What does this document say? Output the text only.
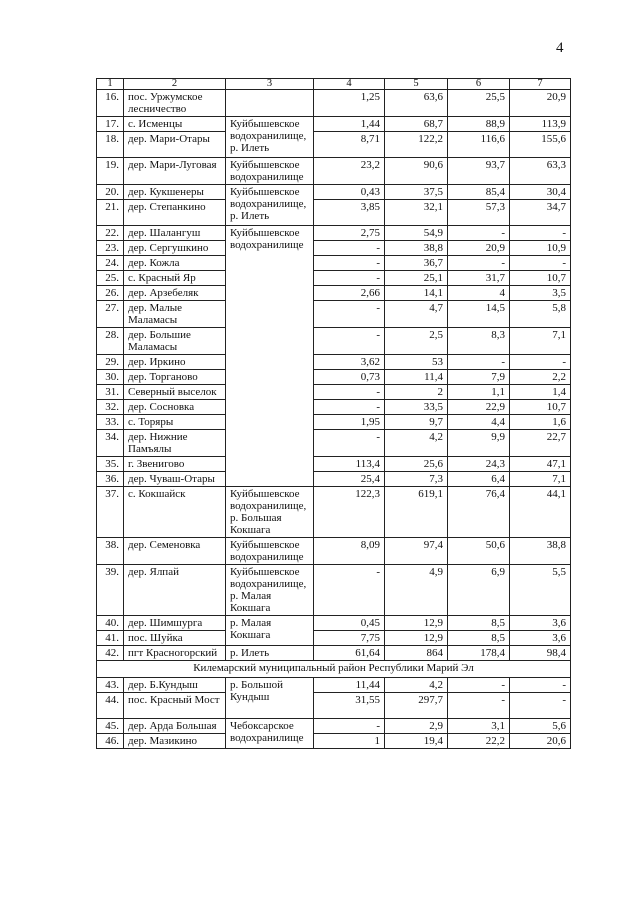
4
1	2	3	4	5	6	7
16.	пос. Уржумское лесничество		1,25	63,6	25,5	20,9
17.	с. Исменцы	Куйбышевское водохранилище, р. Илеть	1,44	68,7	88,9	113,9
18.	дер. Мари-Отары		8,71	122,2	116,6	155,6
19.	дер. Мари-Луговая	Куйбышевское водохранилище	23,2	90,6	93,7	63,3
20.	дер. Кукшенеры	Куйбышевское водохранилище, р. Илеть	0,43	37,5	85,4	30,4
21.	дер. Степанкино		3,85	32,1	57,3	34,7
22.	дер. Шалангуш	Куйбышевское водохранилище	2,75	54,9	-	-
23.	дер. Сергушкино		-	38,8	20,9	10,9
24.	дер. Кожла		-	36,7	-	-
25.	с. Красный Яр		-	25,1	31,7	10,7
26.	дер. Арзебеляк		2,66	14,1	4	3,5
27.	дер. Малые Маламасы		-	4,7	14,5	5,8
28.	дер. Большие Маламасы		-	2,5	8,3	7,1
29.	дер. Иркино		3,62	53	-	-
30.	дер. Торганово		0,73	11,4	7,9	2,2
31.	Северный выселок		-	2	1,1	1,4
32.	дер. Сосновка		-	33,5	22,9	10,7
33.	с. Торяры		1,95	9,7	4,4	1,6
34.	дер. Нижние Памъялы		-	4,2	9,9	22,7
35.	г. Звенигово		113,4	25,6	24,3	47,1
36.	дер. Чуваш-Отары		25,4	7,3	6,4	7,1
37.	с. Кокшайск	Куйбышевское водохранилище, р. Большая Кокшага	122,3	619,1	76,4	44,1
38.	дер. Семеновка	Куйбышевское водохранилище	8,09	97,4	50,6	38,8
39.	дер. Ялпай	Куйбышевское водохранилище, р. Малая Кокшага	-	4,9	6,9	5,5
40.	дер. Шимшурга	р. Малая Кокшага	0,45	12,9	8,5	3,6
41.	пос. Шуйка		7,75	12,9	8,5	3,6
42.	пгт Красногорский	р. Илеть	61,64	864	178,4	98,4
Килемарский муниципальный район Республики Марий Эл						
43.	дер. Б.Кундыш	р. Большой Кундыш	11,44	4,2	-	-
44.	пос. Красный Мост		31,55	297,7	-	-
45.	дер. Арда Большая	Чебоксарское водохранилище	-	2,9	3,1	5,6
46.	дер. Мазикино		1	19,4	22,2	20,6
